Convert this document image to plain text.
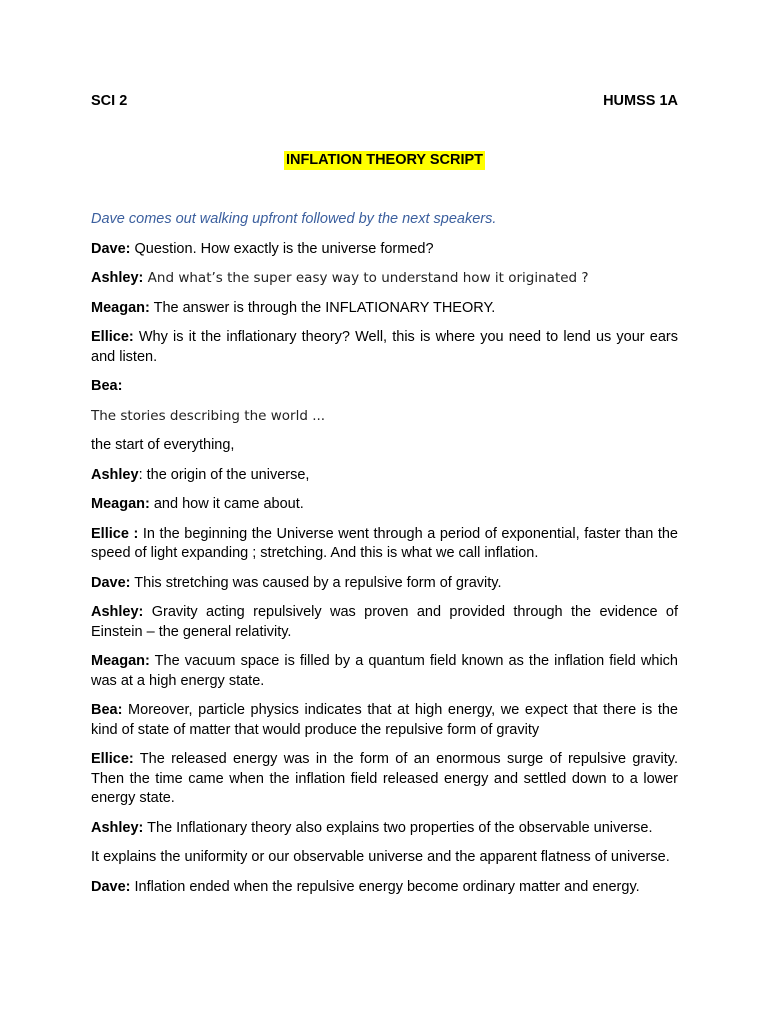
SCI 2	HUMSS 1A
INFLATION THEORY SCRIPT

Dave comes out walking upfront followed by the next speakers.

Dave: Question. How exactly is the universe formed?

Ashley: And what’s the super easy way to understand how it originated ?

Meagan: The answer is through the INFLATIONARY THEORY.

Ellice: Why is it the inflationary theory? Well, this is where you need to lend us your ears and listen.

Bea:

The stories describing the world ...

the start of everything,

Ashley: the origin of the universe,

Meagan: and how it came about.

Ellice : In the beginning the Universe went through a period of exponential, faster than the speed of light expanding ; stretching. And this is what we call inflation.

Dave: This stretching was caused by a repulsive form of gravity.

Ashley: Gravity acting repulsively was proven and provided through the evidence of Einstein – the general relativity.

Meagan: The vacuum space is filled by a quantum field known as the inflation field which was at a high energy state.

Bea: Moreover, particle physics indicates that at high energy, we expect that there is the kind of state of matter that would produce the repulsive form of gravity

Ellice: The released energy was in the form of an enormous surge of repulsive gravity. Then the time came when the inflation field released energy and settled down to a lower energy state.

Ashley: The Inflationary theory also explains two properties of the observable universe.

It explains the uniformity or our observable universe and the apparent flatness of universe.

Dave: Inflation ended when the repulsive energy become ordinary matter and energy.
